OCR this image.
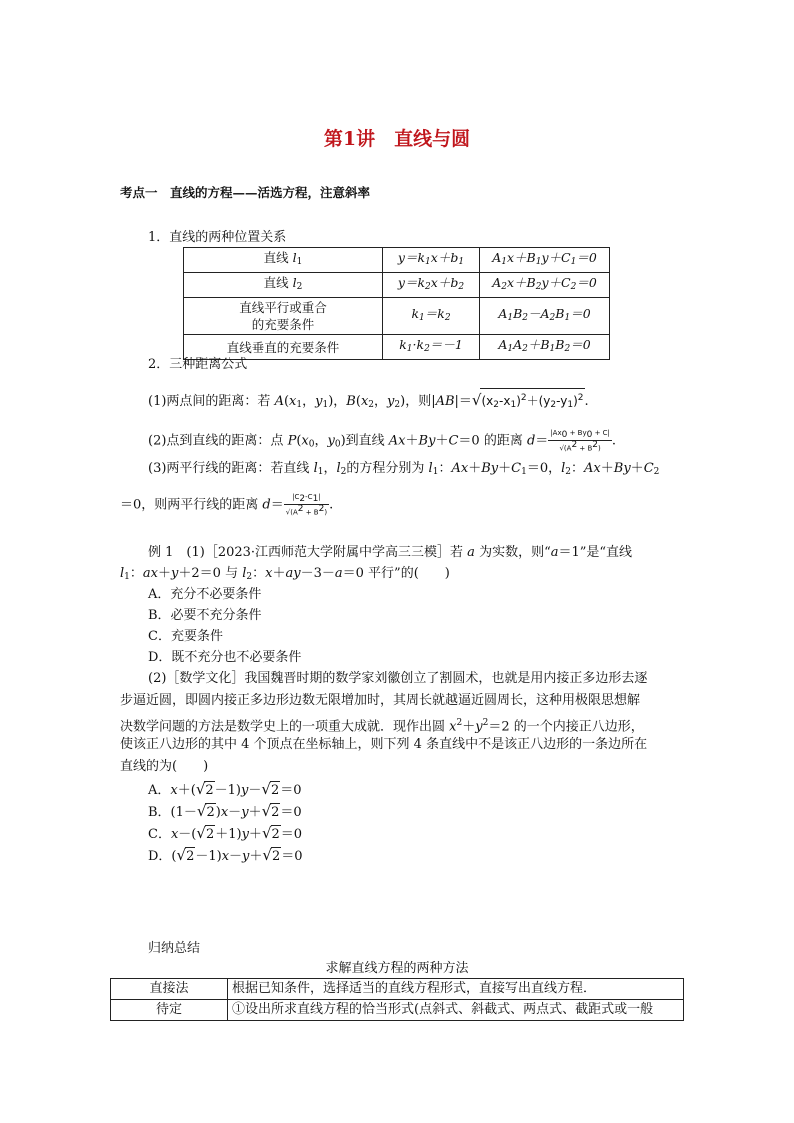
第1讲　直线与圆
考点一　直线的方程——活选方程，注意斜率
1．直线的两种位置关系
直线 $l_1$	$y=k_1x+b_1$	$A_1x+B_1y+C_1=0$
直线 $l_2$	$y=k_2x+b_2$	$A_2x+B_2y+C_2=0$
直线平行或重合
的充要条件	$k_1=k_2$	$A_1B_2-A_2B_1=0$
直线垂直的充要条件	$k_1\cdot k_2=-1$	$A_1A_2+B_1B_2=0$
2．三种距离公式
(1)两点间的距离：若 $A(x_1$，$y_1$)，$B(x_2$，$y_2$)，则$|AB|=√(x_2-x_1)^2+(y_2-y_1)^2$.
(2)点到直线的距离：点 $P(x_0$，$y_0$)到直线 Ax＋By＋C＝0 的距离 $d= \frac{|Ax_0 + By_0 + C|}{√(A^2 + B^2)}$ .
(3)两平行线的距离：若直线 $l_1$，$l_2$的方程分别为 $l_1$：$Ax+By+C_1=0$，$l_2$：$Ax+By+C_2$
＝0，则两平行线的距离 $d= \frac{|C_2-C_1|}{√(A^2 + B^2)}$ .
例 1　(1)［2023·江西师范大学附属中学高三三模］若 a 为实数，则“a＝1”是“直线
$l_1$：ax＋y＋2＝0 与 $l_2$：x＋ay－3－a＝0 平行”的(　　)
A．充分不必要条件
B．必要不充分条件
C．充要条件
D．既不充分也不必要条件
(2)［数学文化］我国魏晋时期的数学家刘徽创立了割圆术，也就是用内接正多边形去逐
步逼近圆，即圆内接正多边形边数无限增加时，其周长就越逼近圆周长，这种用极限思想解
决数学问题的方法是数学史上的一项重大成就．现作出圆 $x^2+y^2=2$ 的一个内接正八边形，
使该正八边形的其中 4 个顶点在坐标轴上，则下列 4 条直线中不是该正八边形的一条边所在
直线的为(　　)
A．x＋(√2－1)y－√2＝0
B．(1－√2)x－y＋√2＝0
C．x－(√2＋1)y＋√2＝0
D．(√2－1)x－y＋√2＝0
归纳总结
求解直线方程的两种方法
直接法	根据已知条件，选择适当的直线方程形式，直接写出直线方程．
待定	①设出所求直线方程的恰当形式(点斜式、斜截式、两点式、截距式或一般
